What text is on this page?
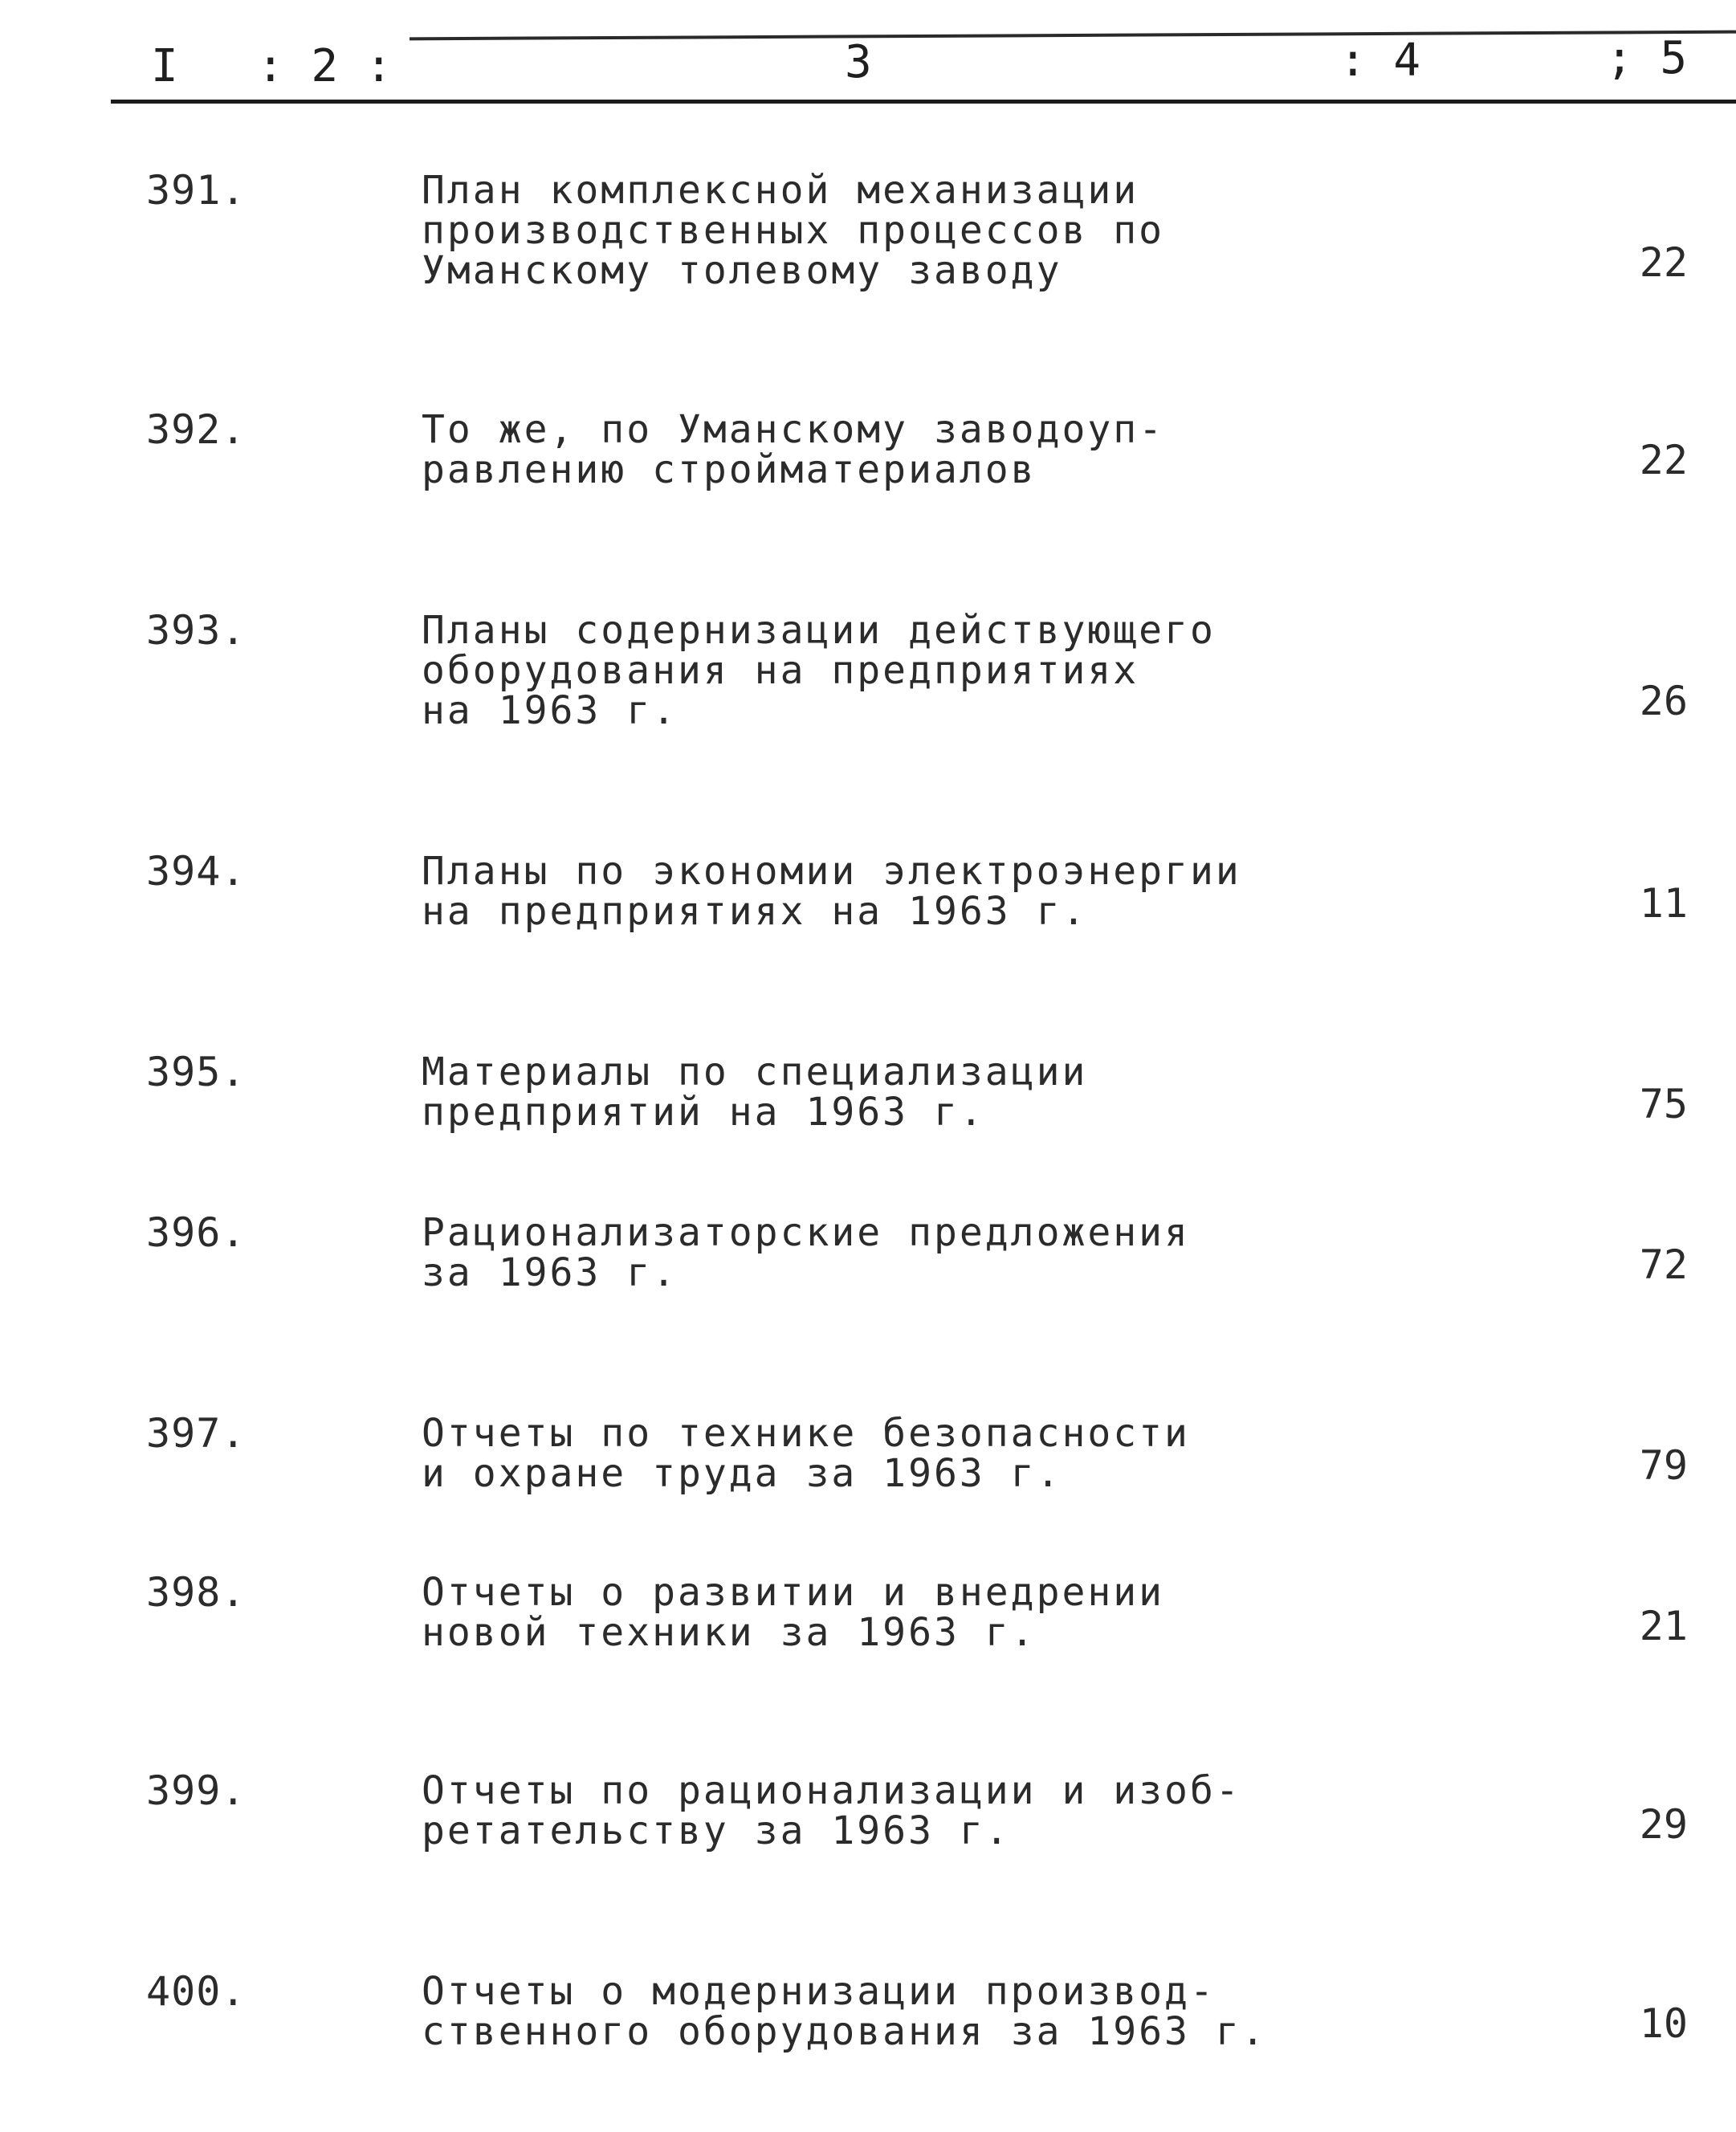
I : 2 :	3	: 4	; 5
391.	План комплексной механизации
производственных процессов по
Уманскому толевому заводу	22
392.	То же, по Уманскому заводоуп-
равлению стройматериалов	22
393.	Планы содернизации действующего
оборудования на предприятиях
на 1963 г.	26
394.	Планы по экономии электроэнергии
на предприятиях на 1963 г.	11
395.	Материалы по специализации
предприятий на 1963 г.	75
396.	Рационализаторские предложения
за 1963 г.	72
397.	Отчеты по технике безопасности
и охране труда за 1963 г.	79
398.	Отчеты о развитии и внедрении
новой техники за 1963 г.	21
399.	Отчеты по рационализации и изоб-
ретательству за 1963 г.	29
400.	Отчеты о модернизации производ-
ственного оборудования за 1963 г.	10
